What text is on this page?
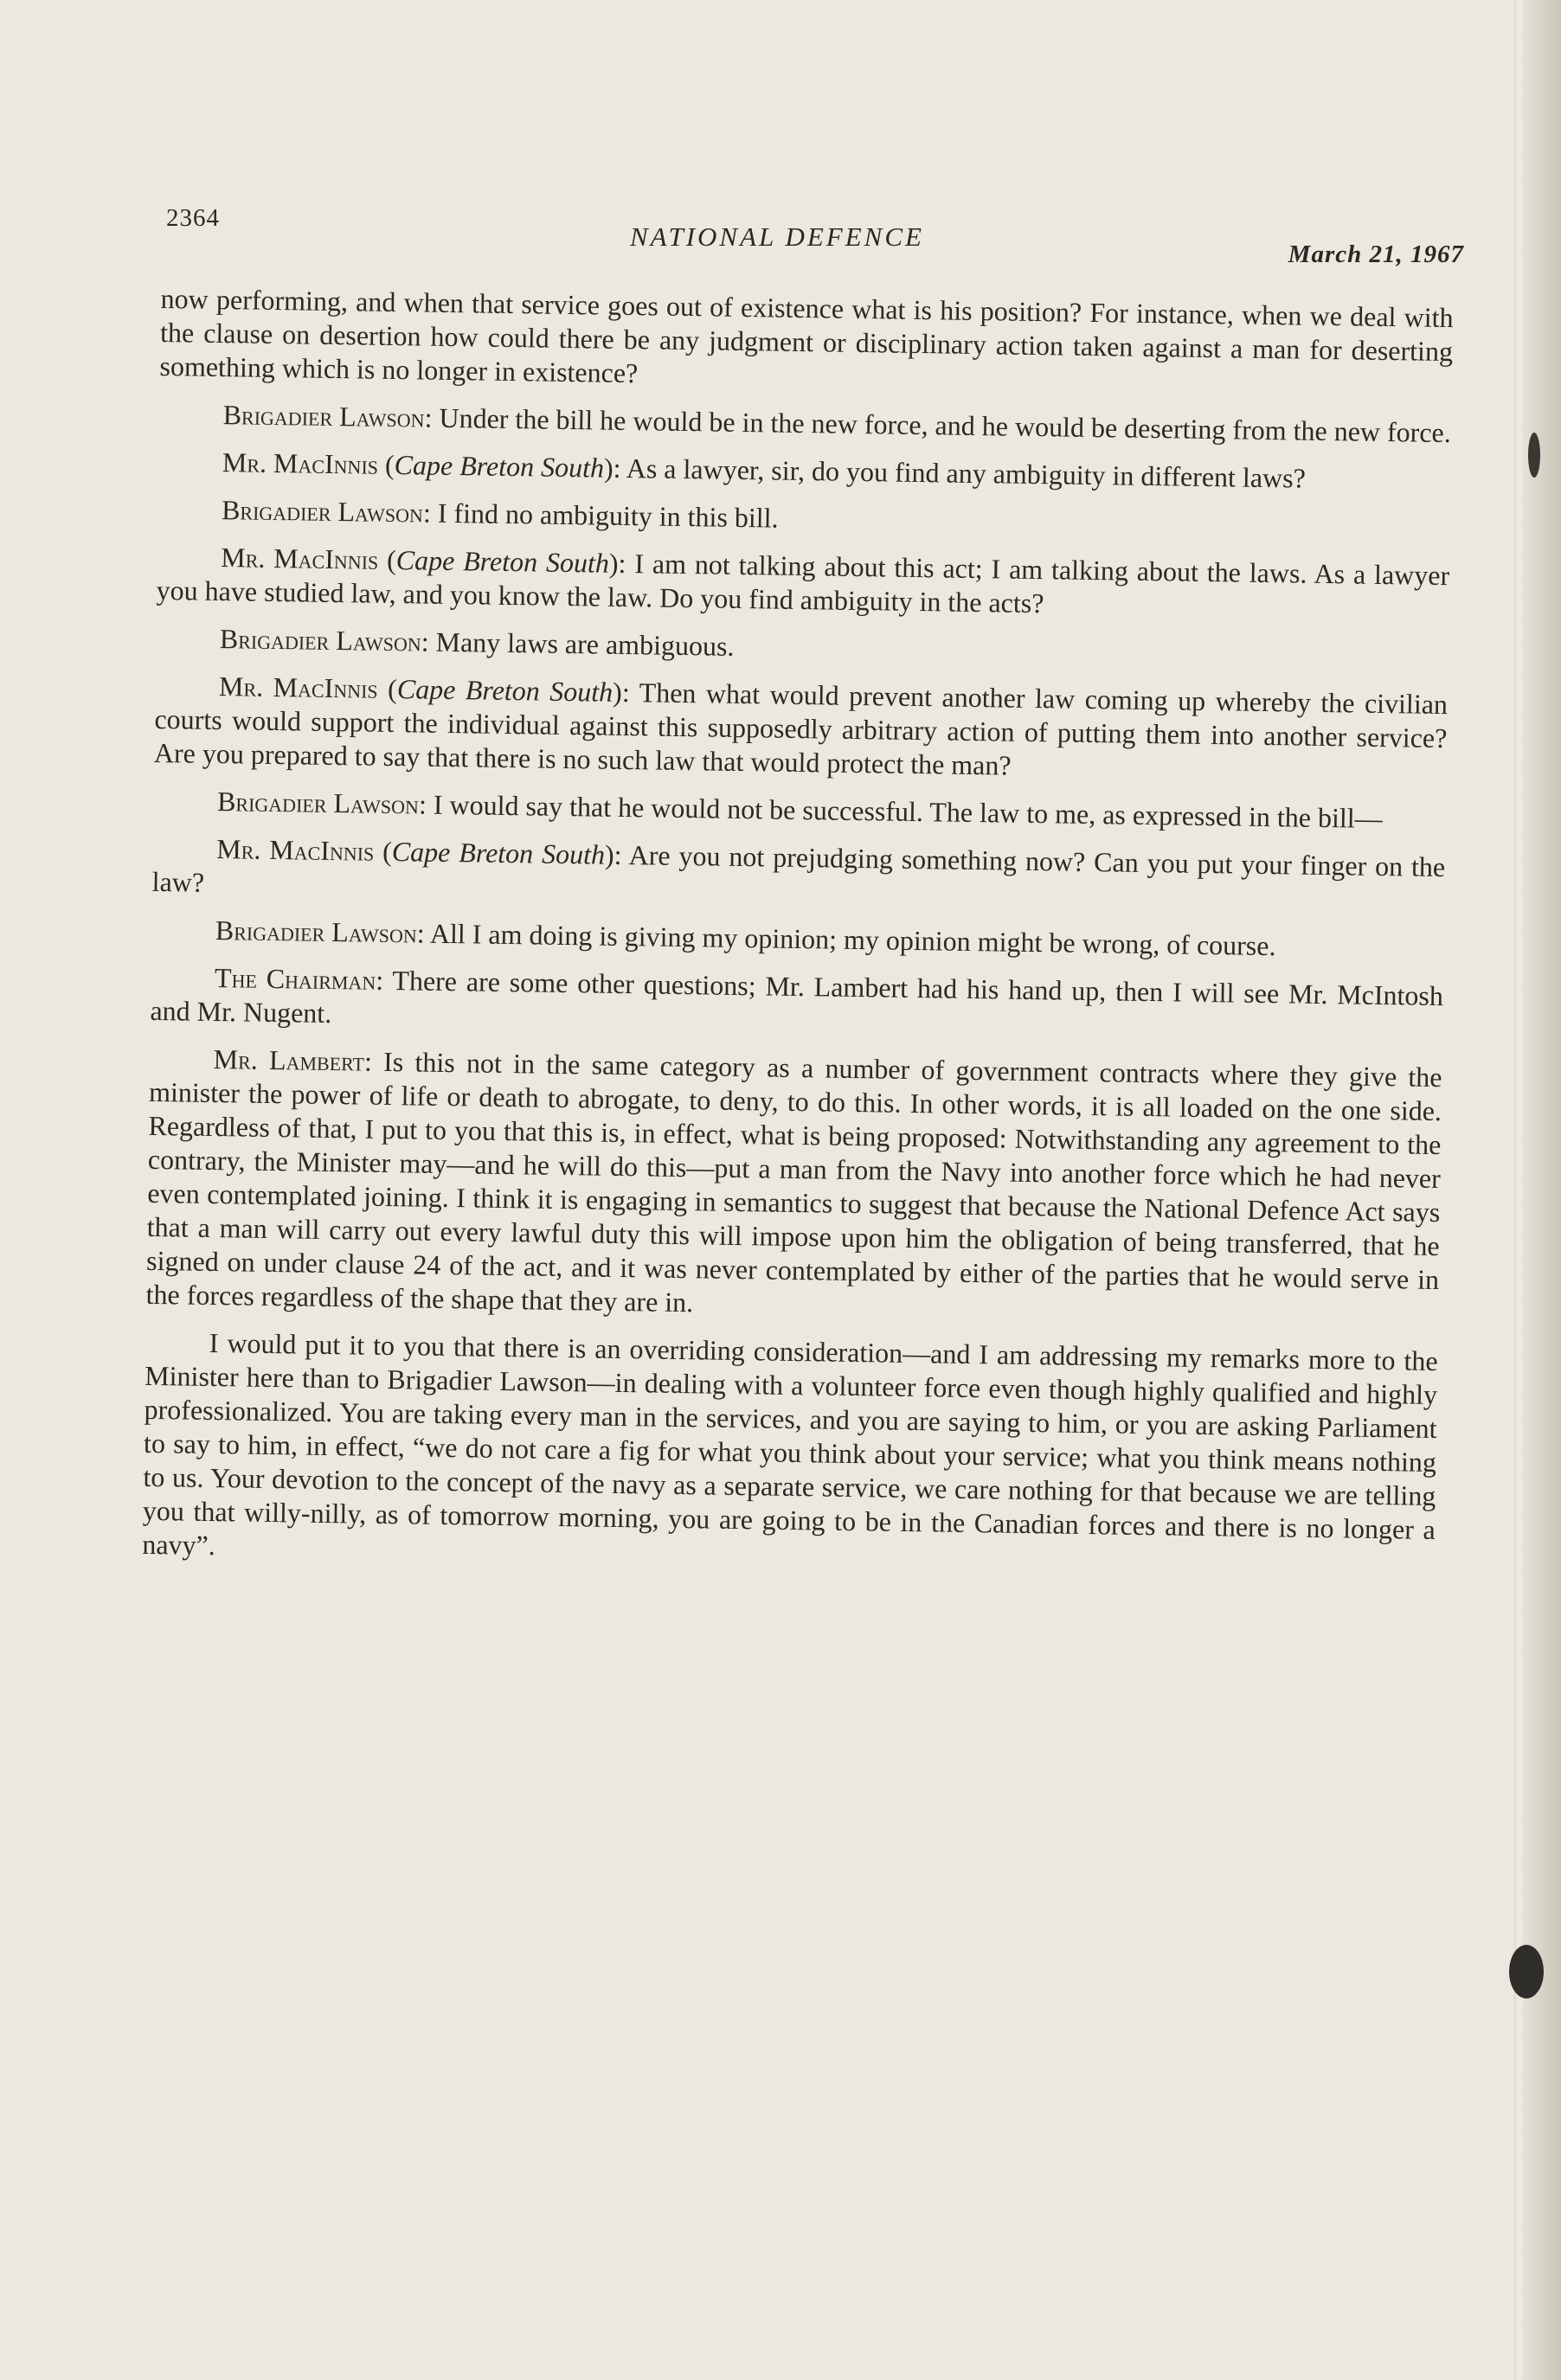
2364
NATIONAL DEFENCE
March 21, 1967

now performing, and when that service goes out of existence what is his position? For instance, when we deal with the clause on desertion how could there be any judgment or disciplinary action taken against a man for deserting something which is no longer in existence?

Brigadier Lawson: Under the bill he would be in the new force, and he would be deserting from the new force.

Mr. MacInnis (Cape Breton South): As a lawyer, sir, do you find any ambiguity in different laws?

Brigadier Lawson: I find no ambiguity in this bill.

Mr. MacInnis (Cape Breton South): I am not talking about this act; I am talking about the laws. As a lawyer you have studied law, and you know the law. Do you find ambiguity in the acts?

Brigadier Lawson: Many laws are ambiguous.

Mr. MacInnis (Cape Breton South): Then what would prevent another law coming up whereby the civilian courts would support the individual against this supposedly arbitrary action of putting them into another service? Are you prepared to say that there is no such law that would protect the man?

Brigadier Lawson: I would say that he would not be successful. The law to me, as expressed in the bill—

Mr. MacInnis (Cape Breton South): Are you not prejudging something now? Can you put your finger on the law?

Brigadier Lawson: All I am doing is giving my opinion; my opinion might be wrong, of course.

The Chairman: There are some other questions; Mr. Lambert had his hand up, then I will see Mr. McIntosh and Mr. Nugent.

Mr. Lambert: Is this not in the same category as a number of government contracts where they give the minister the power of life or death to abrogate, to deny, to do this. In other words, it is all loaded on the one side. Regardless of that, I put to you that this is, in effect, what is being proposed: Notwithstanding any agreement to the contrary, the Minister may—and he will do this—put a man from the Navy into another force which he had never even contemplated joining. I think it is engaging in semantics to suggest that because the National Defence Act says that a man will carry out every lawful duty this will impose upon him the obligation of being transferred, that he signed on under clause 24 of the act, and it was never contemplated by either of the parties that he would serve in the forces regardless of the shape that they are in.

I would put it to you that there is an overriding consideration—and I am addressing my remarks more to the Minister here than to Brigadier Lawson—in dealing with a volunteer force even though highly qualified and highly professionalized. You are taking every man in the services, and you are saying to him, or you are asking Parliament to say to him, in effect, “we do not care a fig for what you think about your service; what you think means nothing to us. Your devotion to the concept of the navy as a separate service, we care nothing for that because we are telling you that willy-nilly, as of tomorrow morning, you are going to be in the Canadian forces and there is no longer a navy”.
